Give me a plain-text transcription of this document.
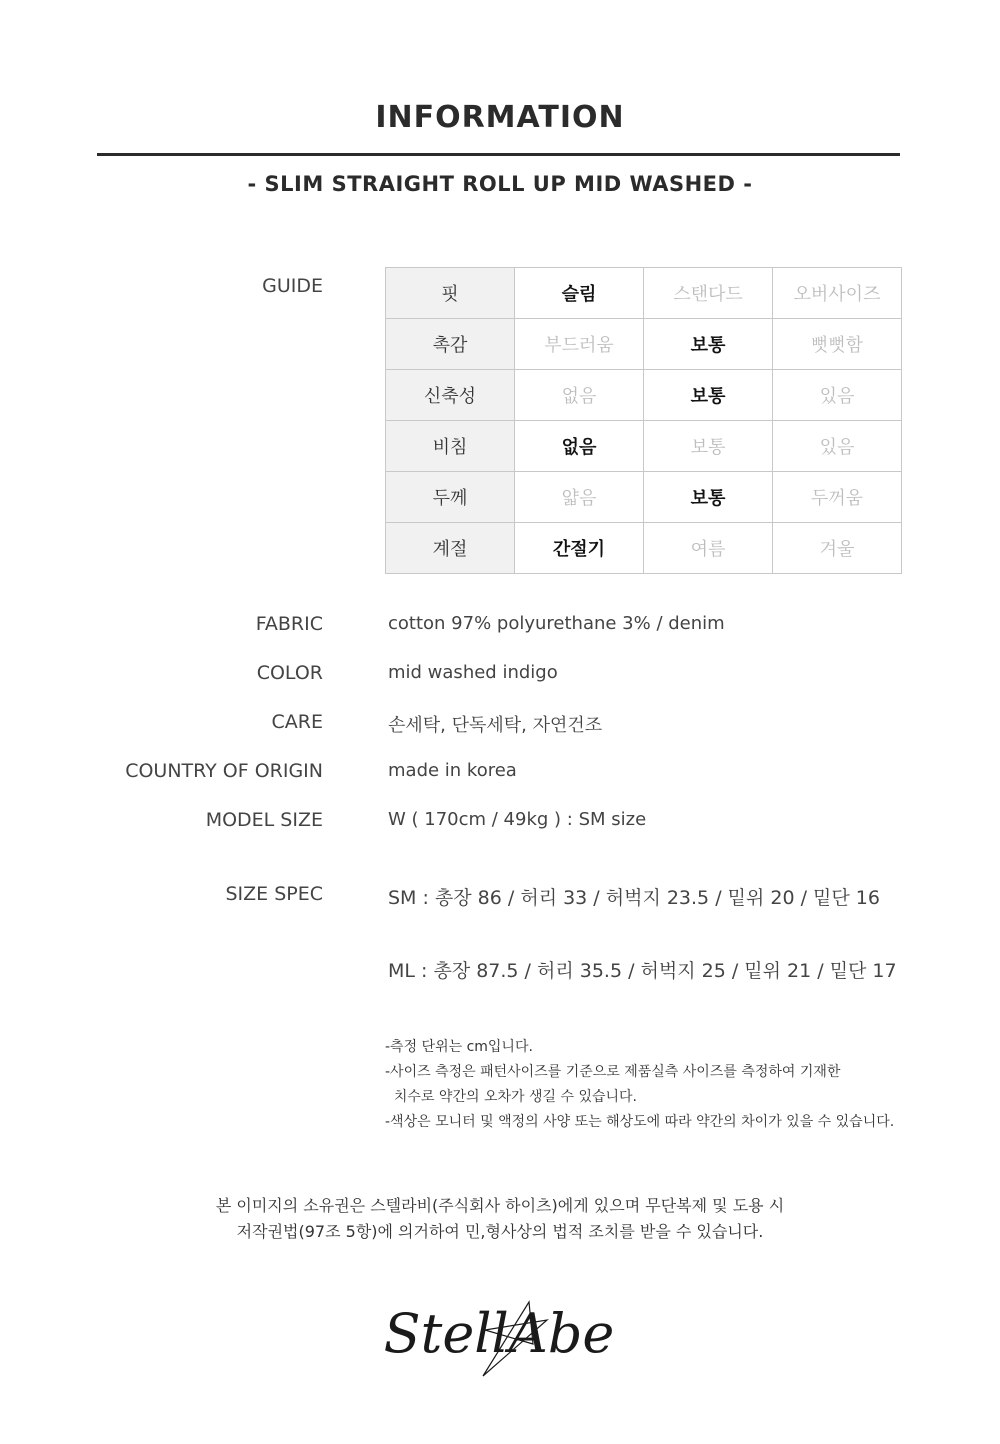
INFORMATION
- SLIM STRAIGHT ROLL UP MID WASHED -
GUIDE	핏	슬림	스탠다드	오버사이즈
촉감	부드러움	보통	뻣뻣함
신축성	없음	보통	있음
비침	없음	보통	있음
두께	얇음	보통	두꺼움
계절	간절기	여름	겨울
FABRIC	cotton 97% polyurethane 3% / denim
COLOR	mid washed indigo
CARE	손세탁, 단독세탁, 자연건조
COUNTRY OF ORIGIN	made in korea
MODEL SIZE	W ( 170cm / 49kg ) : SM size
SIZE SPEC	SM : 총장 86 / 허리 33 / 허벅지 23.5 / 밑위 20 / 밑단 16
ML : 총장 87.5 / 허리 35.5 / 허벅지 25 / 밑위 21 / 밑단 17
-측정 단위는 cm입니다.
-사이즈 측정은 패턴사이즈를 기준으로 제품실측 사이즈를 측정하여 기재한
치수로 약간의 오차가 생길 수 있습니다.
-색상은 모니터 및 액정의 사양 또는 해상도에 따라 약간의 차이가 있을 수 있습니다.
본 이미지의 소유권은 스텔라비(주식회사 하이츠)에게 있으며 무단복제 및 도용 시
저작권법(97조 5항)에 의거하여 민,형사상의 법적 조치를 받을 수 있습니다.
StellAbe
